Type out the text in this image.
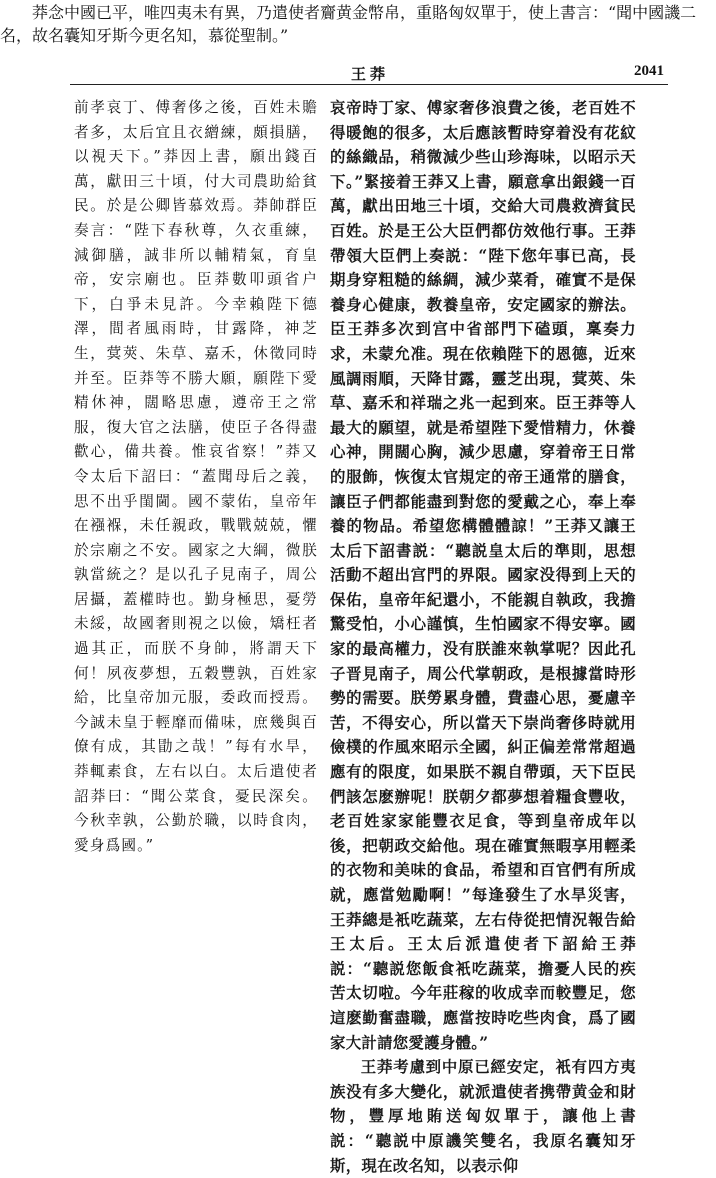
王莽	2041

前孝哀丁、傅奢侈之後，百姓未贍者多，太后宜且衣繒練，頗損膳，以視天下。”莽因上書，願出錢百萬，獻田三十頃，付大司農助給貧民。於是公卿皆慕效焉。莽帥群臣奏言：“陛下春秋尊，久衣重練，減御膳，誠非所以輔精氣，育皇帝，安宗廟也。臣莽數叩頭省户下，白爭未見許。今幸賴陛下德澤，間者風雨時，甘露降，神芝生，蓂莢、朱草、嘉禾，休徵同時并至。臣莽等不勝大願，願陛下愛精休神，闊略思慮，遵帝王之常服，復大官之法膳，使臣子各得盡歡心，備共養。惟哀省察！”莽又令太后下詔曰：“蓋聞母后之義，思不出乎閨閫。國不蒙佑，皇帝年在襁褓，未任親政，戰戰兢兢，懼於宗廟之不安。國家之大綱，微朕孰當統之？是以孔子見南子，周公居攝，蓋權時也。勤身極思，憂勞未綏，故國奢則視之以儉，矯枉者過其正，而朕不身帥，將謂天下何！夙夜夢想，五穀豐孰，百姓家給，比皇帝加元服，委政而授焉。今誠未皇于輕靡而備味，庶幾與百僚有成，其勖之哉！”每有水旱，莽輒素食，左右以白。太后遣使者詔莽曰：“聞公菜食，憂民深矣。今秋幸孰，公勤於職，以時食肉，愛身爲國。”

莽念中國已平，唯四夷未有異，乃遣使者齎黄金幣帛，重賂匈奴單于，使上書言：“聞中國譏二名，故名囊知牙斯今更名知，慕從聖制。”

哀帝時丁家、傅家奢侈浪費之後，老百姓不得暖飽的很多，太后應該暫時穿着没有花紋的絲織品，稍微減少些山珍海味，以昭示天下。”緊接着王莽又上書，願意拿出銀錢一百萬，獻出田地三十頃，交給大司農救濟貧民百姓。於是王公大臣們都仿效他行事。王莽帶領大臣們上奏説：“陛下您年事已高，長期身穿粗糙的絲綢，減少菜肴，確實不是保養身心健康，教養皇帝，安定國家的辦法。臣王莽多次到宫中省部門下磕頭，稟奏力求，未蒙允准。現在依賴陛下的恩德，近來風調雨順，天降甘露，靈芝出現，蓂莢、朱草、嘉禾和祥瑞之兆一起到來。臣王莽等人最大的願望，就是希望陛下愛惜精力，休養心神，開闊心胸，減少思慮，穿着帝王日常的服飾，恢復太官規定的帝王通常的膳食，讓臣子們都能盡到對您的愛戴之心，奉上奉養的物品。希望您構體體諒！”王莽又讓王太后下詔書説：“聽説皇太后的準則，思想活動不超出宫門的界限。國家没得到上天的保佑，皇帝年紀還小，不能親自執政，我擔驚受怕，小心謹慎，生怕國家不得安寧。國家的最高權力，没有朕誰來執掌呢？因此孔子晋見南子，周公代掌朝政，是根據當時形勢的需要。朕勞累身體，費盡心思，憂慮辛苦，不得安心，所以當天下崇尚奢侈時就用儉樸的作風來昭示全國，糾正偏差常常超過應有的限度，如果朕不親自帶頭，天下臣民們該怎麽辦呢！朕朝夕都夢想着糧食豐收，老百姓家家能豐衣足食，等到皇帝成年以後，把朝政交給他。現在確實無暇享用輕柔的衣物和美味的食品，希望和百官們有所成就，應當勉勵啊！”每逢發生了水旱災害，王莽總是衹吃蔬菜，左右侍從把情況報告給王太后。王太后派遣使者下詔給王莽説：“聽説您飯食衹吃蔬菜，擔憂人民的疾苦太切啦。今年莊稼的收成幸而較豐足，您這麽勤奮盡職，應當按時吃些肉食，爲了國家大計請您愛護身體。”

王莽考慮到中原已經安定，衹有四方夷族没有多大變化，就派遣使者携帶黄金和財物，豐厚地賄送匈奴單于，讓他上書説：“聽説中原譏笑雙名，我原名囊知牙斯，現在改名知，以表示仰
